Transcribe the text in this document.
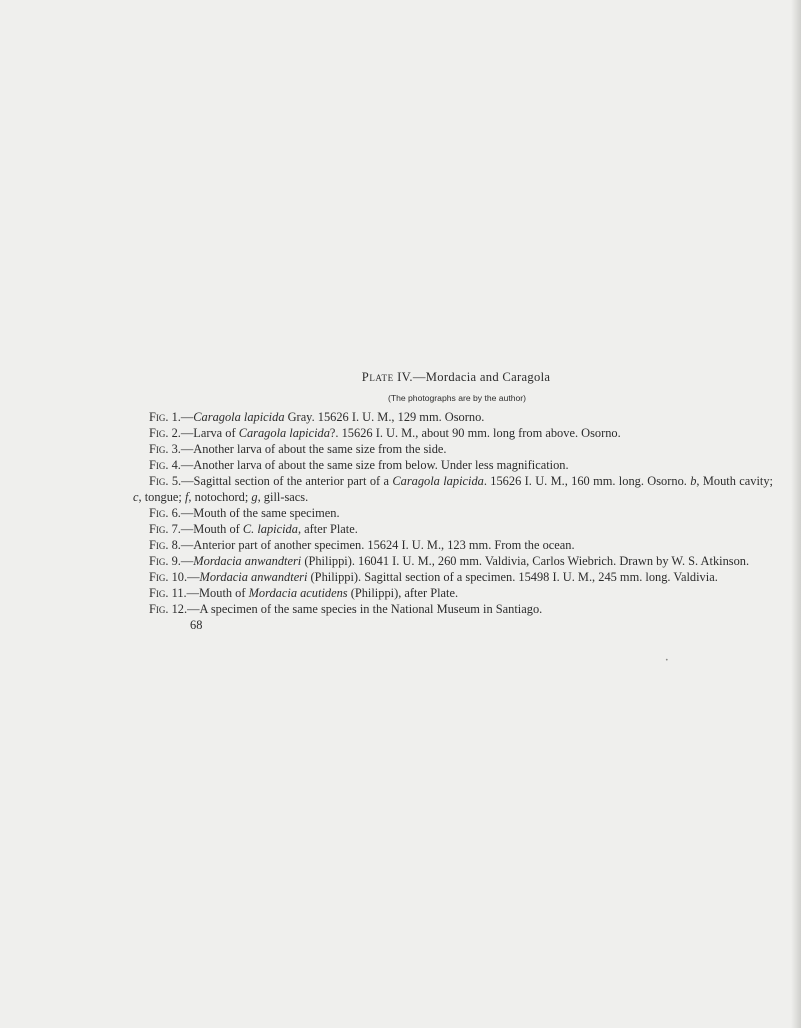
Plate IV.—Mordacia and Caragola

(The photographs are by the author)

Fig. 1.—Caragola lapicida Gray. 15626 I. U. M., 129 mm. Osorno.

Fig. 2.—Larva of Caragola lapicida?. 15626 I. U. M., about 90 mm. long from above. Osorno.

Fig. 3.—Another larva of about the same size from the side.

Fig. 4.—Another larva of about the same size from below. Under less magnification.

Fig. 5.—Sagittal section of the anterior part of a Caragola lapicida. 15626 I. U. M., 160 mm. long. Osorno. b, Mouth cavity; c, tongue; f, notochord; g, gill-sacs.

Fig. 6.—Mouth of the same specimen.

Fig. 7.—Mouth of C. lapicida, after Plate.

Fig. 8.—Anterior part of another specimen. 15624 I. U. M., 123 mm. From the ocean.

Fig. 9.—Mordacia anwandteri (Philippi). 16041 I. U. M., 260 mm. Valdivia, Carlos Wiebrich. Drawn by W. S. Atkinson.

Fig. 10.—Mordacia anwandteri (Philippi). Sagittal section of a specimen. 15498 I. U. M., 245 mm. long. Valdivia.

Fig. 11.—Mouth of Mordacia acutidens (Philippi), after Plate.

Fig. 12.—A specimen of the same species in the National Museum in Santiago.

68

•
